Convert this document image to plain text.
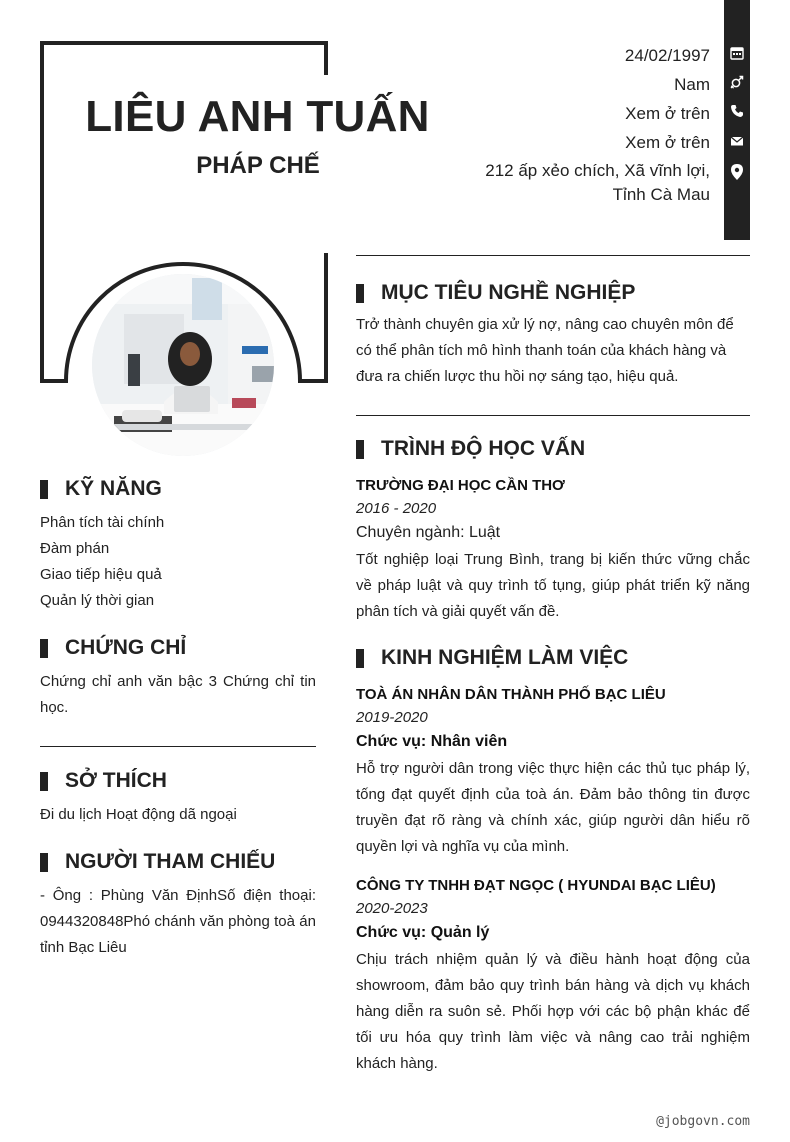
LIÊU ANH TUẤN
PHÁP CHẾ
24/02/1997
Nam
Xem ở trên
Xem ở trên
212 ấp xẻo chích, Xã vĩnh lợi,
Tỉnh Cà Mau
MỤC TIÊU NGHỀ NGHIỆP
Trở thành chuyên gia xử lý nợ, nâng cao chuyên môn để có thể phân tích mô hình thanh toán của khách hàng và đưa ra chiến lược thu hồi nợ sáng tạo, hiệu quả.
TRÌNH ĐỘ HỌC VẤN
TRƯỜNG ĐẠI HỌC CẦN THƠ
2016 - 2020
Chuyên ngành: Luật
Tốt nghiệp loại Trung Bình, trang bị kiến thức vững chắc về pháp luật và quy trình tố tụng, giúp phát triển kỹ năng phân tích và giải quyết vấn đề.
KINH NGHIỆM LÀM VIỆC
TOÀ ÁN NHÂN DÂN THÀNH PHỐ BẠC LIÊU
2019-2020
Chức vụ: Nhân viên
Hỗ trợ người dân trong việc thực hiện các thủ tục pháp lý, tống đạt quyết định của toà án. Đảm bảo thông tin được truyền đạt rõ ràng và chính xác, giúp người dân hiểu rõ quyền lợi và nghĩa vụ của mình.
CÔNG TY TNHH ĐẠT NGỌC ( HYUNDAI BẠC LIÊU)
2020-2023
Chức vụ: Quản lý
Chịu trách nhiệm quản lý và điều hành hoạt động của showroom, đảm bảo quy trình bán hàng và dịch vụ khách hàng diễn ra suôn sẻ. Phối hợp với các bộ phận khác để tối ưu hóa quy trình làm việc và nâng cao trải nghiệm khách hàng.
KỸ NĂNG
Phân tích tài chính
Đàm phán
Giao tiếp hiệu quả
Quản lý thời gian
CHỨNG CHỈ
Chứng chỉ anh văn bậc 3 Chứng chỉ tin học.
SỞ THÍCH
Đi du lịch Hoạt động dã ngoại
NGƯỜI THAM CHIẾU
- Ông : Phùng Văn ĐịnhSố điện thoại: 0944320848Phó chánh văn phòng toà án tỉnh Bạc Liêu
@jobgovn.com
